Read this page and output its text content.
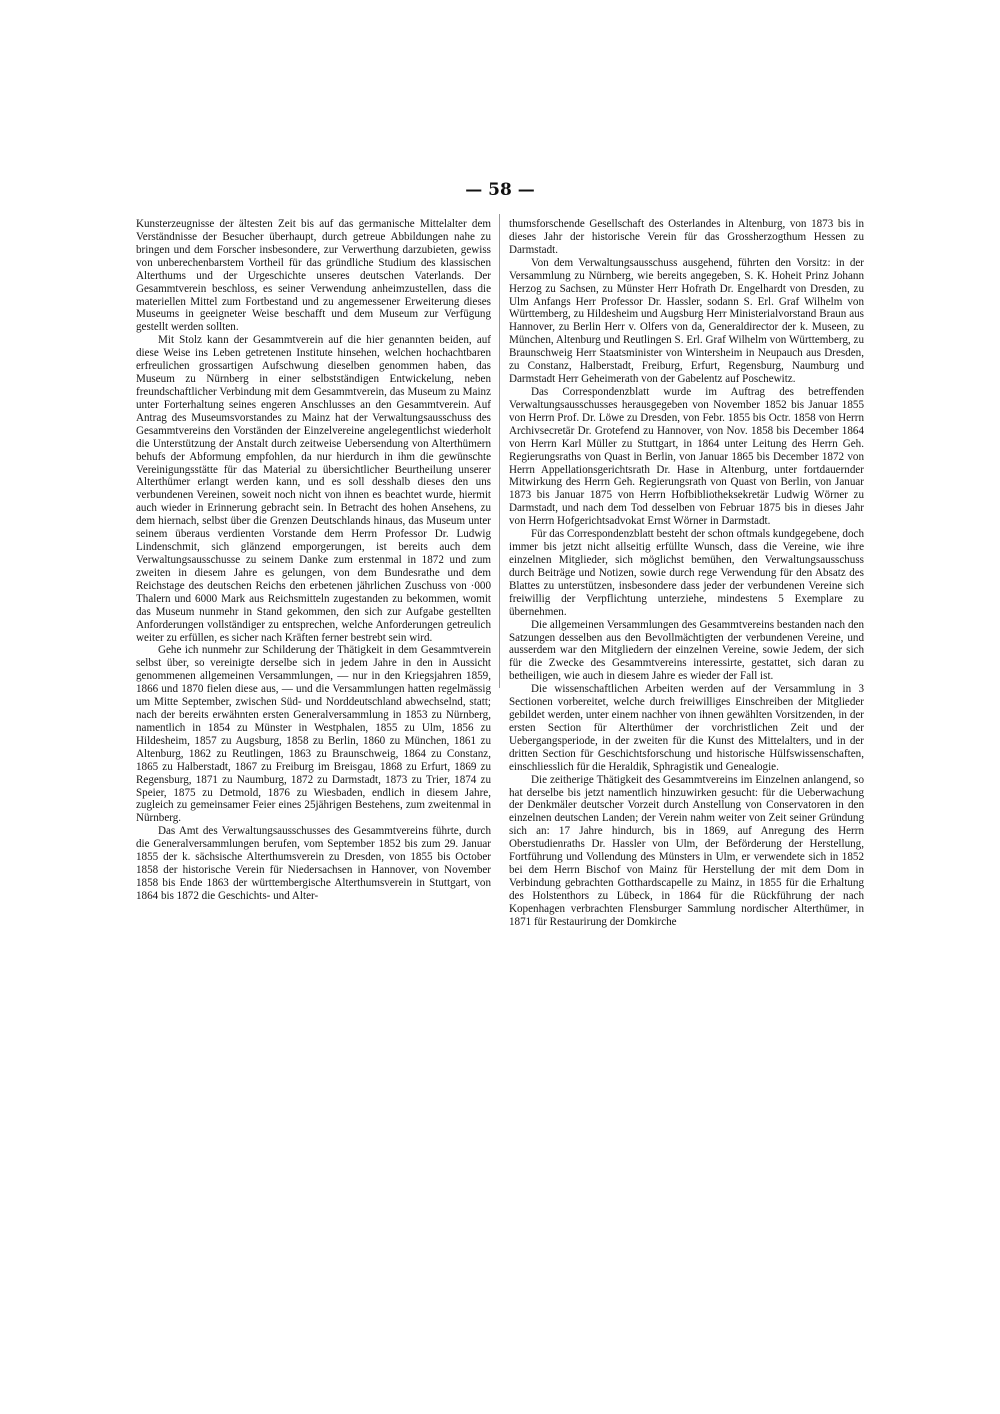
— 58 —

Kunsterzeugnisse der ältesten Zeit bis auf das germanische Mittelalter dem Verständnisse der Besucher überhaupt, durch getreue Abbildungen nahe zu bringen und dem Forscher insbesondere, zur Verwerthung darzubieten, gewiss von unberechenbarstem Vortheil für das gründliche Studium des klassischen Alterthums und der Urgeschichte unseres deutschen Vaterlands. Der Gesammtverein beschloss, es seiner Verwendung anheimzustellen, dass die materiellen Mittel zum Fortbestand und zu angemessener Erweiterung dieses Museums in geeigneter Weise beschafft und dem Museum zur Verfügung gestellt werden sollten.

Mit Stolz kann der Gesammtverein auf die hier genannten beiden, auf diese Weise ins Leben getretenen Institute hinsehen, welchen hochachtbaren erfreulichen grossartigen Aufschwung dieselben genommen haben, das Museum zu Nürnberg in einer selbstständigen Entwickelung, neben freundschaftlicher Verbindung mit dem Gesammtverein, das Museum zu Mainz unter Forterhaltung seines engeren Anschlusses an den Gesammtverein. Auf Antrag des Museumsvorstandes zu Mainz hat der Verwaltungsausschuss des Gesammtvereins den Vorständen der Einzelvereine angelegentlichst wiederholt die Unterstützung der Anstalt durch zeitweise Uebersendung von Alterthümern behufs der Abformung empfohlen, da nur hierdurch in ihm die gewünschte Vereinigungsstätte für das Material zu übersichtlicher Beurtheilung unserer Alterthümer erlangt werden kann, und es soll desshalb dieses den uns verbundenen Vereinen, soweit noch nicht von ihnen es beachtet wurde, hiermit auch wieder in Erinnerung gebracht sein. In Betracht des hohen Ansehens, zu dem hiernach, selbst über die Grenzen Deutschlands hinaus, das Museum unter seinem überaus verdienten Vorstande dem Herrn Professor Dr. Ludwig Lindenschmit, sich glänzend emporgerungen, ist bereits auch dem Verwaltungsausschusse zu seinem Danke zum erstenmal in 1872 und zum zweiten in diesem Jahre es gelungen, von dem Bundesrathe und dem Reichstage des deutschen Reichs den erbetenen jährlichen Zuschuss von ·000 Thalern und 6000 Mark aus Reichsmitteln zugestanden zu bekommen, womit das Museum nunmehr in Stand gekommen, den sich zur Aufgabe gestellten Anforderungen vollständiger zu entsprechen, welche Anforderungen getreulich weiter zu erfüllen, es sicher nach Kräften ferner bestrebt sein wird.

Gehe ich nunmehr zur Schilderung der Thätigkeit in dem Gesammtverein selbst über, so vereinigte derselbe sich in jedem Jahre in den in Aussicht genommenen allgemeinen Versammlungen, — nur in den Kriegsjahren 1859, 1866 und 1870 fielen diese aus, — und die Versammlungen hatten regelmässig um Mitte September, zwischen Süd- und Norddeutschland abwechselnd, statt; nach der bereits erwähnten ersten Generalversammlung in 1853 zu Nürnberg, namentlich in 1854 zu Münster in Westphalen, 1855 zu Ulm, 1856 zu Hildesheim, 1857 zu Augsburg, 1858 zu Berlin, 1860 zu München, 1861 zu Altenburg, 1862 zu Reutlingen, 1863 zu Braunschweig, 1864 zu Constanz, 1865 zu Halberstadt, 1867 zu Freiburg im Breisgau, 1868 zu Erfurt, 1869 zu Regensburg, 1871 zu Naumburg, 1872 zu Darmstadt, 1873 zu Trier, 1874 zu Speier, 1875 zu Detmold, 1876 zu Wiesbaden, endlich in diesem Jahre, zugleich zu gemeinsamer Feier eines 25jährigen Bestehens, zum zweitenmal in Nürnberg.

Das Amt des Verwaltungsausschusses des Gesammtvereins führte, durch die Generalversammlungen berufen, vom September 1852 bis zum 29. Januar 1855 der k. sächsische Alterthumsverein zu Dresden, von 1855 bis October 1858 der historische Verein für Niedersachsen in Hannover, von November 1858 bis Ende 1863 der württembergische Alterthumsverein in Stuttgart, von 1864 bis 1872 die Geschichts- und Alter-

thumsforschende Gesellschaft des Osterlandes in Altenburg, von 1873 bis in dieses Jahr der historische Verein für das Grossherzogthum Hessen zu Darmstadt.

Von dem Verwaltungsausschuss ausgehend, führten den Vorsitz: in der Versammlung zu Nürnberg, wie bereits angegeben, S. K. Hoheit Prinz Johann Herzog zu Sachsen, zu Münster Herr Hofrath Dr. Engelhardt von Dresden, zu Ulm Anfangs Herr Professor Dr. Hassler, sodann S. Erl. Graf Wilhelm von Württemberg, zu Hildesheim und Augsburg Herr Ministerialvorstand Braun aus Hannover, zu Berlin Herr v. Olfers von da, Generaldirector der k. Museen, zu München, Altenburg und Reutlingen S. Erl. Graf Wilhelm von Württemberg, zu Braunschweig Herr Staatsminister von Wintersheim in Neupauch aus Dresden, zu Constanz, Halberstadt, Freiburg, Erfurt, Regensburg, Naumburg und Darmstadt Herr Geheimerath von der Gabelentz auf Poschewitz.

Das Correspondenzblatt wurde im Auftrag des betreffenden Verwaltungsausschusses herausgegeben von November 1852 bis Januar 1855 von Herrn Prof. Dr. Löwe zu Dresden, von Febr. 1855 bis Octr. 1858 von Herrn Archivsecretär Dr. Grotefend zu Hannover, von Nov. 1858 bis December 1864 von Herrn Karl Müller zu Stuttgart, in 1864 unter Leitung des Herrn Geh. Regierungsraths von Quast in Berlin, von Januar 1865 bis December 1872 von Herrn Appellationsgerichtsrath Dr. Hase in Altenburg, unter fortdauernder Mitwirkung des Herrn Geh. Regierungsrath von Quast von Berlin, von Januar 1873 bis Januar 1875 von Herrn Hofbibliotheksekretär Ludwig Wörner zu Darmstadt, und nach dem Tod desselben von Februar 1875 bis in dieses Jahr von Herrn Hofgerichtsadvokat Ernst Wörner in Darmstadt.

Für das Correspondenzblatt besteht der schon oftmals kundgegebene, doch immer bis jetzt nicht allseitig erfüllte Wunsch, dass die Vereine, wie ihre einzelnen Mitglieder, sich möglichst bemühen, den Verwaltungsausschuss durch Beiträge und Notizen, sowie durch rege Verwendung für den Absatz des Blattes zu unterstützen, insbesondere dass jeder der verbundenen Vereine sich freiwillig der Verpflichtung unterziehe, mindestens 5 Exemplare zu übernehmen.

Die allgemeinen Versammlungen des Gesammtvereins bestanden nach den Satzungen desselben aus den Bevollmächtigten der verbundenen Vereine, und ausserdem war den Mitgliedern der einzelnen Vereine, sowie Jedem, der sich für die Zwecke des Gesammtvereins interessirte, gestattet, sich daran zu betheiligen, wie auch in diesem Jahre es wieder der Fall ist.

Die wissenschaftlichen Arbeiten werden auf der Versammlung in 3 Sectionen vorbereitet, welche durch freiwilliges Einschreiben der Mitglieder gebildet werden, unter einem nachher von ihnen gewählten Vorsitzenden, in der ersten Section für Alterthümer der vorchristlichen Zeit und der Uebergangsperiode, in der zweiten für die Kunst des Mittelalters, und in der dritten Section für Geschichtsforschung und historische Hülfswissenschaften, einschliesslich für die Heraldik, Sphragistik und Genealogie.

Die zeitherige Thätigkeit des Gesammtvereins im Einzelnen anlangend, so hat derselbe bis jetzt namentlich hinzuwirken gesucht: für die Ueberwachung der Denkmäler deutscher Vorzeit durch Anstellung von Conservatoren in den einzelnen deutschen Landen; der Verein nahm weiter von Zeit seiner Gründung sich an: 17 Jahre hindurch, bis in 1869, auf Anregung des Herrn Oberstudienraths Dr. Hassler von Ulm, der Beförderung der Herstellung, Fortführung und Vollendung des Münsters in Ulm, er verwendete sich in 1852 bei dem Herrn Bischof von Mainz für Herstellung der mit dem Dom in Verbindung gebrachten Gotthardscapelle zu Mainz, in 1855 für die Erhaltung des Holstenthors zu Lübeck, in 1864 für die Rückführung der nach Kopenhagen verbrachten Flensburger Sammlung nordischer Alterthümer, in 1871 für Restaurirung der Domkirche
